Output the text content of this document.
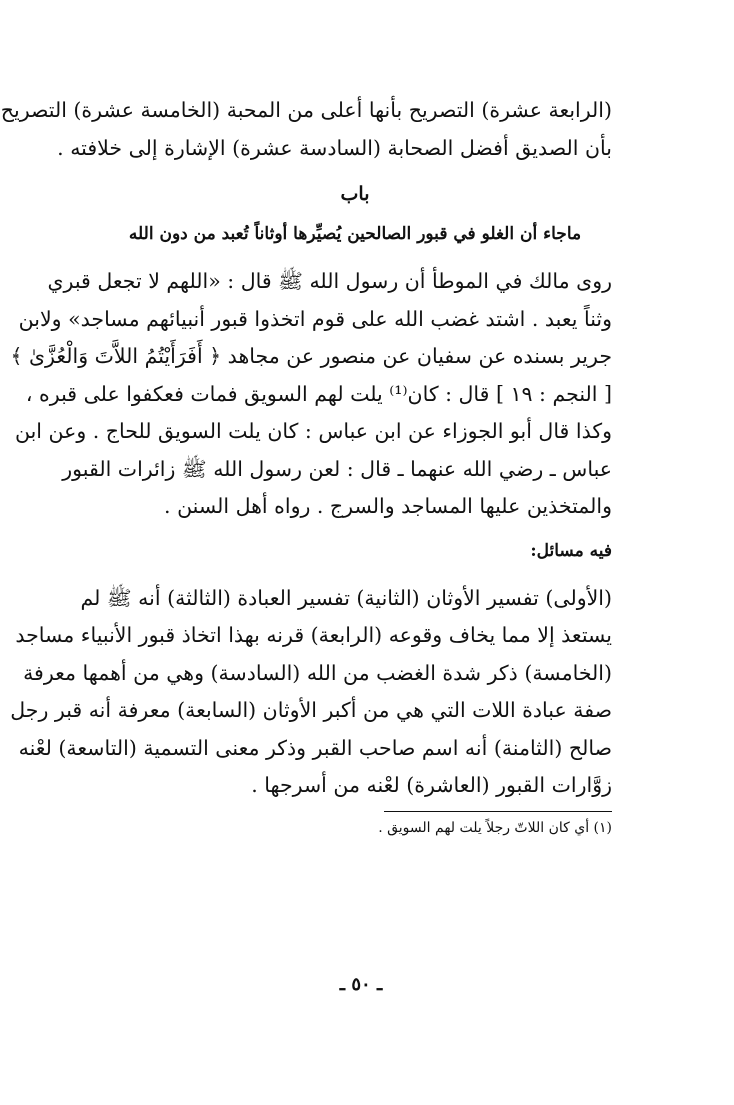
(الرابعة عشرة) التصريح بأنها أعلى من المحبة (الخامسة عشرة) التصريح
بأن الصديق أفضل الصحابة (السادسة عشرة) الإشارة إلى خلافته .
باب
ماجاء أن الغلو في قبور الصالحين يُصيِّرها أوثاناً تُعبد من دون الله
روى مالك في الموطأ أن رسول الله ﷺ قال : «اللهم لا تجعل قبري
وثناً يعبد . اشتد غضب الله على قوم اتخذوا قبور أنبيائهم مساجد» ولابن
جرير بسنده عن سفيان عن منصور عن مجاهد ﴿ أَفَرَأَيْتُمُ اللاَّتَ وَالْعُزَّىٰ ﴾
[ النجم : ١٩ ] قال : كان⁽¹⁾ يلت لهم السويق فمات فعكفوا على قبره ،
وكذا قال أبو الجوزاء عن ابن عباس : كان يلت السويق للحاج . وعن ابن
عباس ـ رضي الله عنهما ـ قال : لعن رسول الله ﷺ زائرات القبور
والمتخذين عليها المساجد والسرج . رواه أهل السنن .
فيه مسائل:
(الأولى) تفسير الأوثان (الثانية) تفسير العبادة (الثالثة) أنه ﷺ لم
يستعذ إلا مما يخاف وقوعه (الرابعة) قرنه بهذا اتخاذ قبور الأنبياء مساجد
(الخامسة) ذكر شدة الغضب من الله (السادسة) وهي من أهمها معرفة
صفة عبادة اللات التي هي من أكبر الأوثان (السابعة) معرفة أنه قبر رجل
صالح (الثامنة) أنه اسم صاحب القبر وذكر معنى التسمية (التاسعة) لعْنه
زوَّارات القبور (العاشرة) لعْنه من أسرجها .
(١) أي كان اللاتّ رجلاً يلت لهم السويق .
ـ ٥٠ ـ
